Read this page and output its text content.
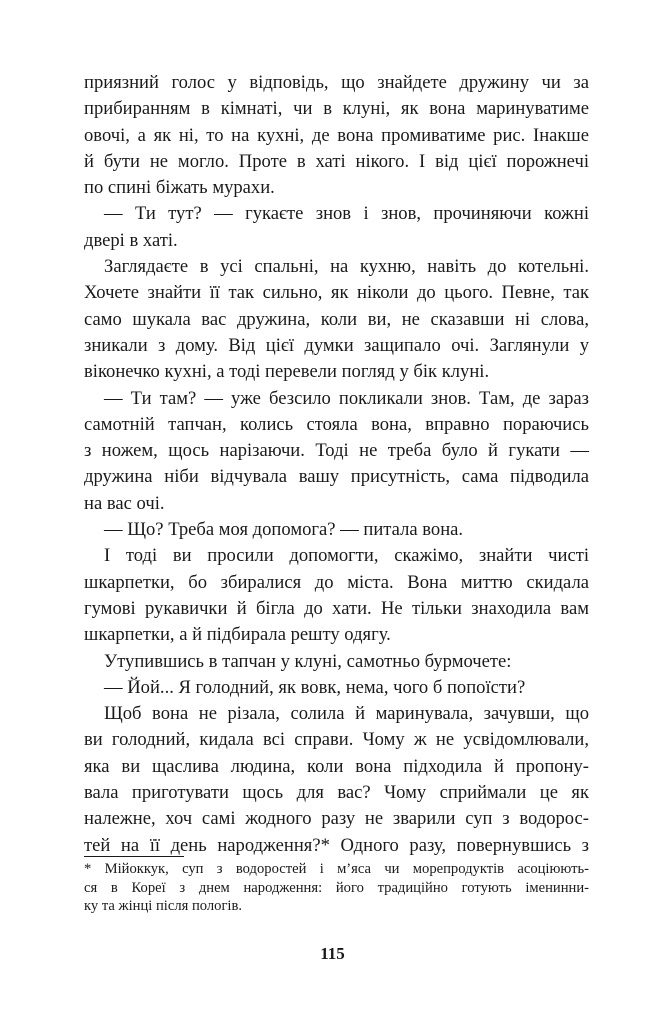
приязний голос у відповідь, що знайдете дружину чи за
прибиранням в кімнаті, чи в клуні, як вона маринуватиме
овочі, а як ні, то на кухні, де вона промиватиме рис. Інакше
й бути не могло. Проте в хаті нікого. І від цієї порожнечі
по спині біжать мурахи.
— Ти тут? — гукаєте знов і знов, прочиняючи кожні
двері в хаті.
Заглядаєте в усі спальні, на кухню, навіть до котельні.
Хочете знайти її так сильно, як ніколи до цього. Певне, так
само шукала вас дружина, коли ви, не сказавши ні слова,
зникали з дому. Від цієї думки защипало очі. Заглянули у
віконечко кухні, а тоді перевели погляд у бік клуні.
— Ти там? — уже безсило покликали знов. Там, де зараз
самотній тапчан, колись стояла вона, вправно пораючись
з ножем, щось нарізаючи. Тоді не треба було й гукати —
дружина ніби відчувала вашу присутність, сама підводила
на вас очі.
— Що? Треба моя допомога? — питала вона.
І тоді ви просили допомогти, скажімо, знайти чисті
шкарпетки, бо збиралися до міста. Вона миттю скидала
гумові рукавички й бігла до хати. Не тільки знаходила вам
шкарпетки, а й підбирала решту одягу.
Утупившись в тапчан у клуні, самотньо бурмочете:
— Йой... Я голодний, як вовк, нема, чого б попоїсти?
Щоб вона не різала, солила й маринувала, зачувши, що
ви голодний, кидала всі справи. Чому ж не усвідомлювали,
яка ви щаслива людина, коли вона підходила й пропону-
вала приготувати щось для вас? Чому сприймали це як
належне, хоч самі жодного разу не зварили суп з водорос-
тей на її день народження?* Одного разу, повернувшись з
* Мійоккук, суп з водоростей і м’яса чи морепродуктів асоціюють-
ся в Кореї з днем народження: його традиційно готують іменинни-
ку та жінці після пологів.
115
